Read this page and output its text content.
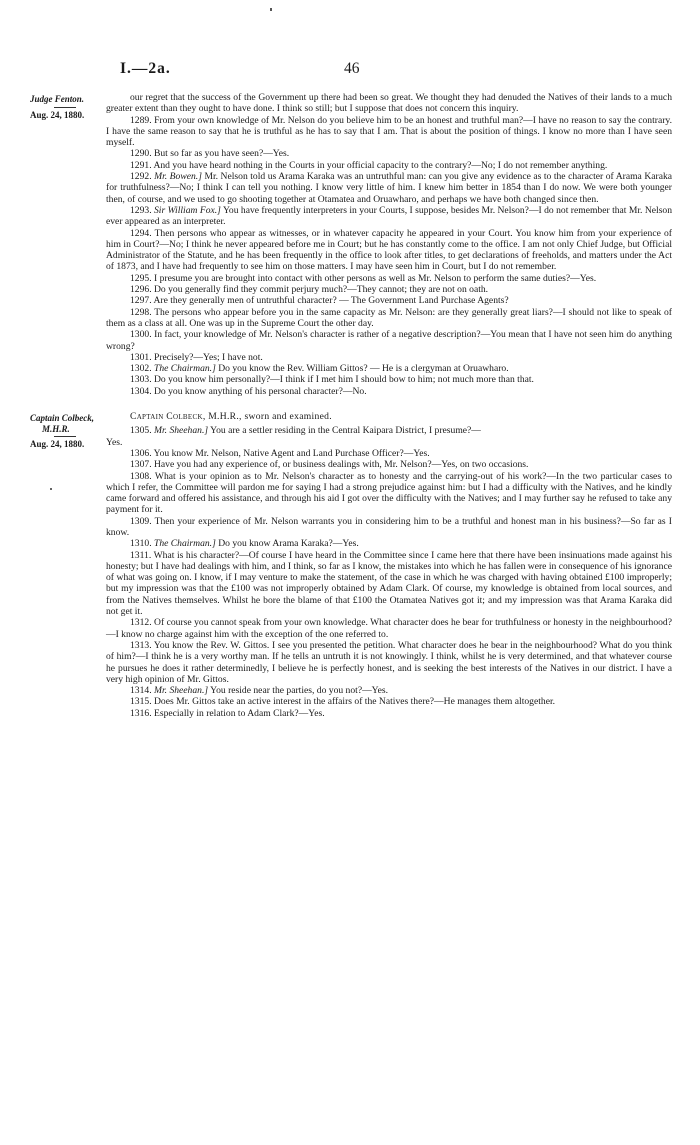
I.—2a.	46
Judge Fenton.
Aug. 24, 1880.

our regret that the success of the Government up there had been so great. We thought they had denuded the Natives of their lands to a much greater extent than they ought to have done. I think so still; but I suppose that does not concern this inquiry.

1289. From your own knowledge of Mr. Nelson do you believe him to be an honest and truthful man?—I have no reason to say the contrary. I have the same reason to say that he is truthful as he has to say that I am. That is about the position of things. I know no more than I have seen myself.

1290. But so far as you have seen?—Yes.

1291. And you have heard nothing in the Courts in your official capacity to the contrary?—No; I do not remember anything.

1292. Mr. Bowen.] Mr. Nelson told us Arama Karaka was an untruthful man: can you give any evidence as to the character of Arama Karaka for truthfulness?—No; I think I can tell you nothing. I know very little of him. I knew him better in 1854 than I do now. We were both younger then, of course, and we used to go shooting together at Otamatea and Oruawharo, and perhaps we have both changed since then.

1293. Sir William Fox.] You have frequently interpreters in your Courts, I suppose, besides Mr. Nelson?—I do not remember that Mr. Nelson ever appeared as an interpreter.

1294. Then persons who appear as witnesses, or in whatever capacity he appeared in your Court. You know him from your experience of him in Court?—No; I think he never appeared before me in Court; but he has constantly come to the office. I am not only Chief Judge, but Official Administrator of the Statute, and he has been frequently in the office to look after titles, to get declarations of freeholds, and matters under the Act of 1873, and I have had frequently to see him on those matters. I may have seen him in Court, but I do not remember.

1295. I presume you are brought into contact with other persons as well as Mr. Nelson to perform the same duties?—Yes.

1296. Do you generally find they commit perjury much?—They cannot; they are not on oath.

1297. Are they generally men of untruthful character? — The Government Land Purchase Agents?

1298. The persons who appear before you in the same capacity as Mr. Nelson: are they generally great liars?—I should not like to speak of them as a class at all. One was up in the Supreme Court the other day.

1300. In fact, your knowledge of Mr. Nelson's character is rather of a negative description?—You mean that I have not seen him do anything wrong?

1301. Precisely?—Yes; I have not.

1302. The Chairman.] Do you know the Rev. William Gittos? — He is a clergyman at Oruawharo.

1303. Do you know him personally?—I think if I met him I should bow to him; not much more than that.

1304. Do you know anything of his personal character?—No.

Captain Colbeck,
M.H.R.
Aug. 24, 1880.

Captain Colbeck, M.H.R., sworn and examined.

1305. Mr. Sheehan.] You are a settler residing in the Central Kaipara District, I presume?—

Yes.

1306. You know Mr. Nelson, Native Agent and Land Purchase Officer?—Yes.

1307. Have you had any experience of, or business dealings with, Mr. Nelson?—Yes, on two occasions.

1308. What is your opinion as to Mr. Nelson's character as to honesty and the carrying-out of his work?—In the two particular cases to which I refer, the Committee will pardon me for saying I had a strong prejudice against him: but I had a difficulty with the Natives, and he kindly came forward and offered his assistance, and through his aid I got over the difficulty with the Natives; and I may further say he refused to take any payment for it.

1309. Then your experience of Mr. Nelson warrants you in considering him to be a truthful and honest man in his business?—So far as I know.

1310. The Chairman.] Do you know Arama Karaka?—Yes.

1311. What is his character?—Of course I have heard in the Committee since I came here that there have been insinuations made against his honesty; but I have had dealings with him, and I think, so far as I know, the mistakes into which he has fallen were in consequence of his ignorance of what was going on. I know, if I may venture to make the statement, of the case in which he was charged with having obtained £100 improperly; but my impression was that the £100 was not improperly obtained by Adam Clark. Of course, my knowledge is obtained from local sources, and from the Natives themselves. Whilst he bore the blame of that £100 the Otamatea Natives got it; and my impression was that Arama Karaka did not get it.

1312. Of course you cannot speak from your own knowledge. What character does he bear for truthfulness or honesty in the neighbourhood?—I know no charge against him with the exception of the one referred to.

1313. You know the Rev. W. Gittos. I see you presented the petition. What character does he bear in the neighbourhood? What do you think of him?—I think he is a very worthy man. If he tells an untruth it is not knowingly. I think, whilst he is very determined, and that whatever course he pursues he does it rather determinedly, I believe he is perfectly honest, and is seeking the best interests of the Natives in our district. I have a very high opinion of Mr. Gittos.

1314. Mr. Sheehan.] You reside near the parties, do you not?—Yes.

1315. Does Mr. Gittos take an active interest in the affairs of the Natives there?—He manages them altogether.

1316. Especially in relation to Adam Clark?—Yes.
